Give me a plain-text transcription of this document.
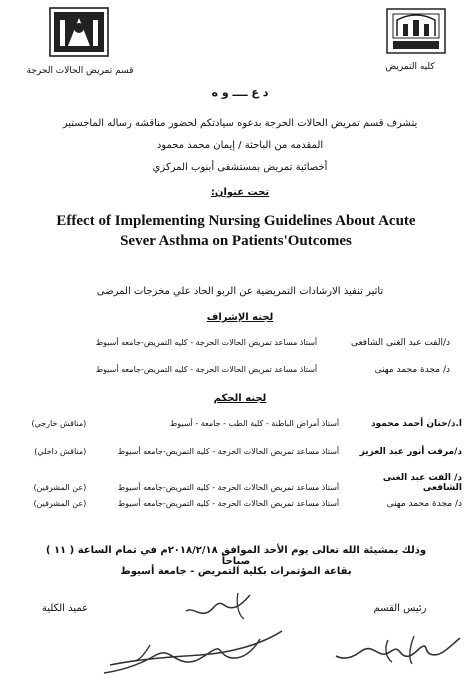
كليه التمريض
قسم تمريض الحالات الحرجة
د ع ــــ و ه
يتشرف قسم تمريض الحالات الحرجة بدعوه سيادتكم لحضور مناقشه رساله الماجستير
المقدمه من الباحثة / إيمان محمد محمود
أخصائية تمريض بمستشفى أبنوب المركزي
تحت عنوان:
Effect of Implementing Nursing Guidelines About Acute
Sever Asthma on Patients'Outcomes
تاثير تنفيذ الارشادات التمريضية عن الربو الحاد علي مخرجات المرضى
لجنه الإشراف
د/الفت عبد الغنى الشافعى أستاذ مساعد تمريض الحالات الحرجة - كليه التمريض-جامعه أسيوط
د/ مجدة محمد مهنى أستاذ مساعد تمريض الحالات الحرجة - كليه التمريض-جامعه أسيوط
لجنه الحكم
ا.د/حنان أحمد محمود أستاذ أمراض الباطنة - كلية الطب - جامعة - أسيوط (مناقش خارجي)
د/مرفت أنور عبد العزيز أستاذ مساعد تمريض الحالات الحرجة - كليه التمريض-جامعه أسيوط (مناقش داخلي)
د/ الفت عبد الغنى الشافعى أستاذ مساعد تمريض الحالات الحرجة - كليه التمريض-جامعه أسيوط (عن المشرفين)
د/ مجدة محمد مهنى أستاذ مساعد تمريض الحالات الحرجة - كليه التمريض-جامعه أسيوط (عن المشرفين)
وذلك بمشيئة الله تعالى يوم الأحد الموافق ٢٠١٨/٢/١٨م في تمام الساعة ( ١١ ) صباحاً
بقاعة المؤتمرات بكلية التمريض - جامعة أسيوط
رئيس القسم
عميد الكلية
